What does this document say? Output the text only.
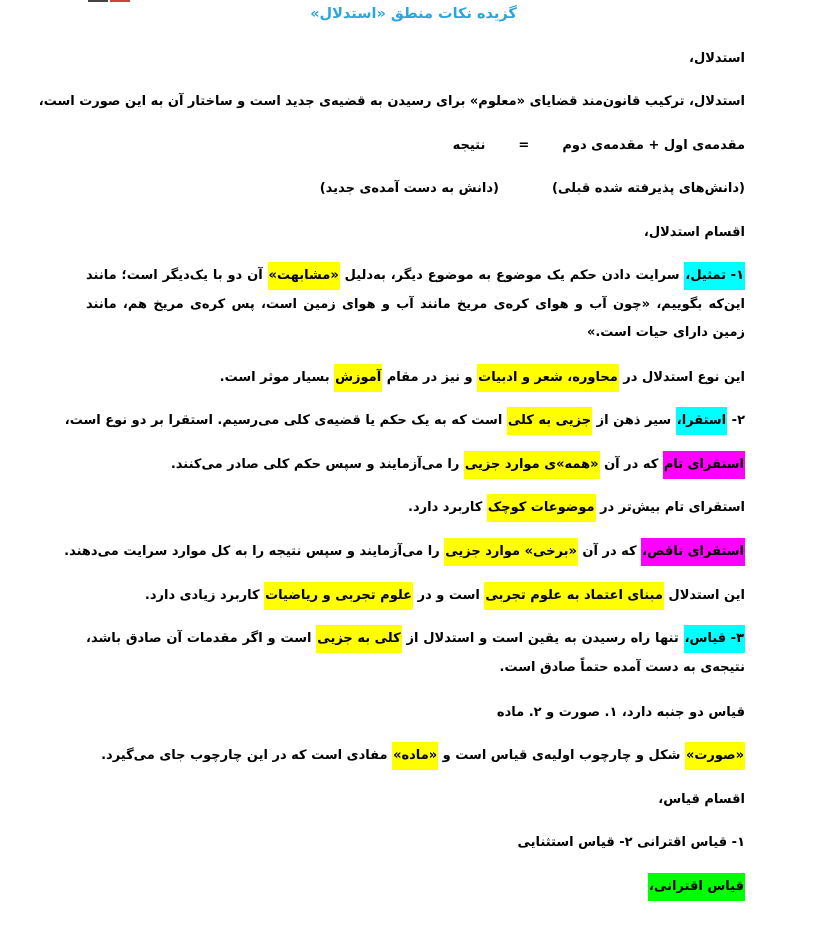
گزیده نکات منطق «استدلال»
استدلال،
استدلال، ترکیب قانون‌مند قضایای «معلوم» برای رسیدن به قضیه‌ی جدید است و ساختار آن به این صورت است،
مقدمه‌ی اول + مقدمه‌ی دوم  =  نتیجه
(دانش‌های پذیرفته شده قبلی)  (دانش به دست آمده‌ی جدید)
اقسام استدلال،
۱- تمثیل، سرایت دادن حکم یک موضوع به موضوع دیگر، به‌دلیل «مشابهت» آن دو با یک‌دیگر است؛ مانند این‌که بگوییم، «چون آب و هوای کره‌ی مریخ مانند آب و هوای زمین است، پس کره‌ی مریخ هم، مانند زمین دارای حیات است.»
این نوع استدلال در محاوره، شعر و ادبیات و نیز در مقام آموزش بسیار موثر است.
۲- استقرا، سیر ذهن از جزیی به کلی است که به یک حکم یا قضیه‌ی کلی می‌رسیم. استقرا بر دو نوع است،
استقرای تام که در آن «همه»ی موارد جزیی را می‌آزمایند و سپس حکم کلی صادر می‌کنند.
استقرای تام بیش‌تر در موضوعات کوچک کاربرد دارد.
استقرای ناقص، که در آن «برخی» موارد جزیی را می‌آزمایند و سپس نتیجه را به کل موارد سرایت می‌دهند.
این استدلال مبنای اعتماد به علوم تجربی است و در علوم تجربی و ریاضیات کاربرد زیادی دارد.
۳- قیاس، تنها راه رسیدن به یقین است و استدلال از کلی به جزیی است و اگر مقدمات آن صادق باشد، نتیجه‌ی به دست آمده حتماً صادق است.
قیاس دو جنبه دارد، ۱. صورت و ۲. ماده
«صورت» شکل و چارچوب اولیه‌ی قیاس است و «ماده» مفادی است که در این چارچوب جای می‌گیرد.
اقسام قیاس،
۱- قیاس اقترانی ۲- قیاس استثنایی
قیاس اقترانی،
